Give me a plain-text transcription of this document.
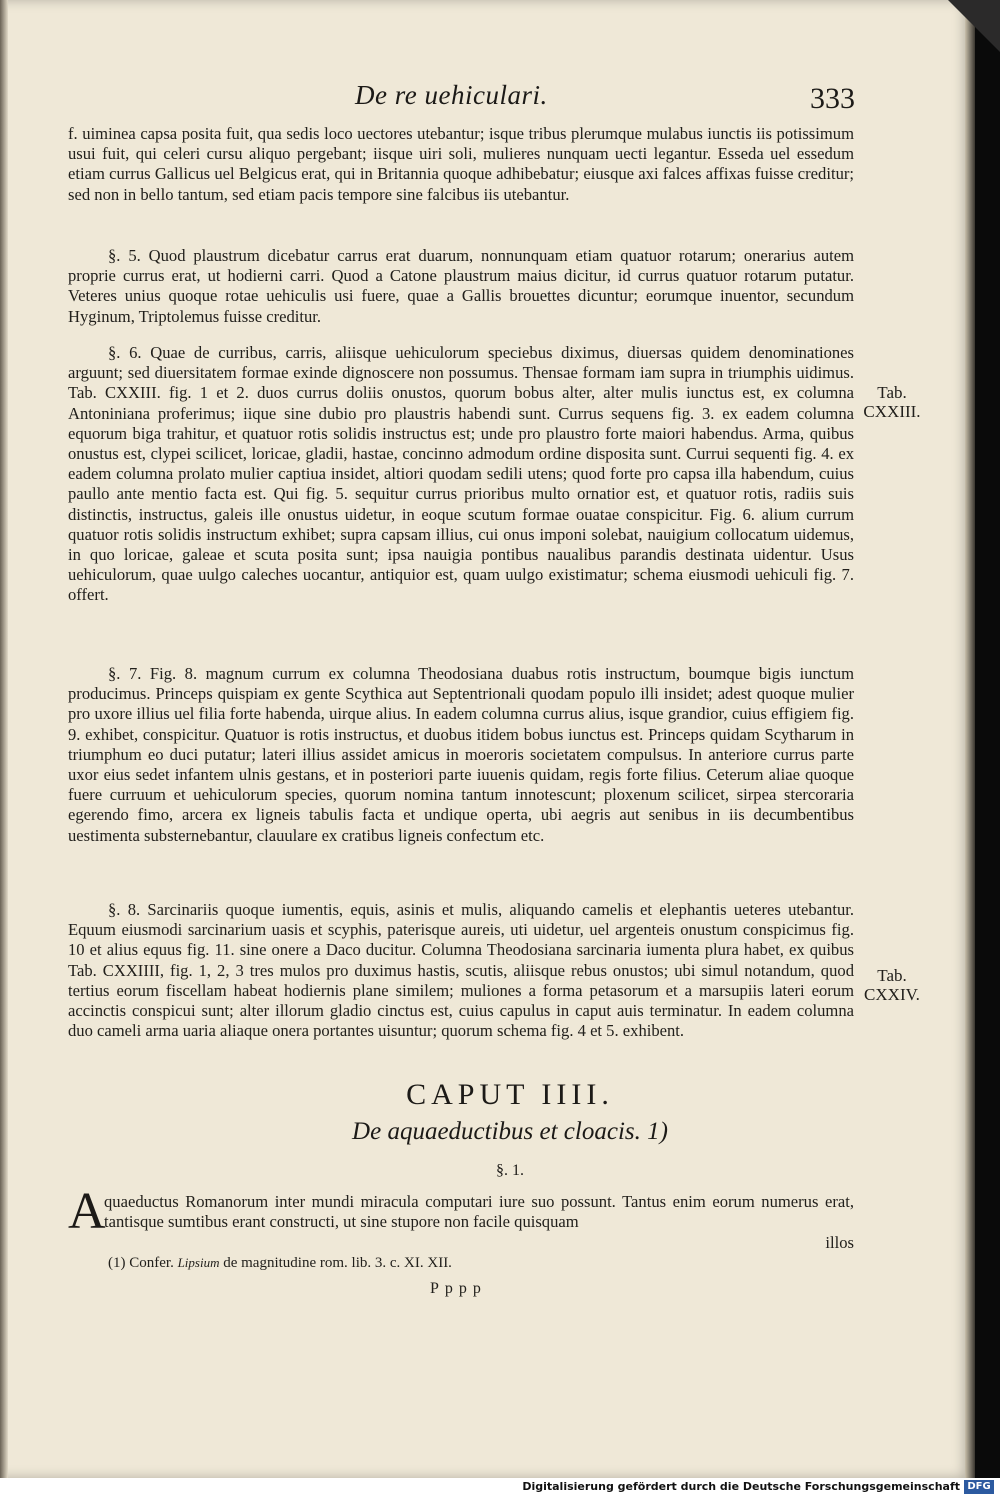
De re uehiculari.	333

f. uiminea capsa posita fuit, qua sedis loco uectores utebantur; isque tribus plerumque mulabus iunctis iis potissimum usui fuit, qui celeri cursu aliquo pergebant; iisque uiri soli, mulieres nunquam uecti legantur. Esseda uel essedum etiam currus Gallicus uel Belgicus erat, qui in Britannia quoque adhibebatur; eiusque axi falces affixas fuisse creditur; sed non in bello tantum, sed etiam pacis tempore sine falcibus iis utebantur.

§. 5. Quod plaustrum dicebatur carrus erat duarum, nonnunquam etiam quatuor rotarum; onerarius autem proprie currus erat, ut hodierni carri. Quod a Catone plaustrum maius dicitur, id currus quatuor rotarum putatur. Veteres unius quoque rotae uehiculis usi fuere, quae a Gallis brouettes dicuntur; eorumque inuentor, secundum Hyginum, Triptolemus fuisse creditur.

§. 6. Quae de curribus, carris, aliisque uehiculorum speciebus diximus, diuersas quidem denominationes arguunt; sed diuersitatem formae exinde dignoscere non possumus. Thensae formam iam supra in triumphis uidimus. Tab. CXXIII. fig. 1 et 2. duos currus doliis onustos, quorum bobus alter, alter mulis iunctus est, ex columna Antoniniana proferimus; iique sine dubio pro plaustris habendi sunt. Currus sequens fig. 3. ex eadem columna equorum biga trahitur, et quatuor rotis solidis instructus est; unde pro plaustro forte maiori habendus. Arma, quibus onustus est, clypei scilicet, loricae, gladii, hastae, concinno admodum ordine disposita sunt. Currui sequenti fig. 4. ex eadem columna prolato mulier captiua insidet, altiori quodam sedili utens; quod forte pro capsa illa habendum, cuius paullo ante mentio facta est. Qui fig. 5. sequitur currus prioribus multo ornatior est, et quatuor rotis, radiis suis distinctis, instructus, galeis ille onustus uidetur, in eoque scutum formae ouatae conspicitur. Fig. 6. alium currum quatuor rotis solidis instructum exhibet; supra capsam illius, cui onus imponi solebat, nauigium collocatum uidemus, in quo loricae, galeae et scuta posita sunt; ipsa nauigia pontibus naualibus parandis destinata uidentur. Usus uehiculorum, quae uulgo caleches uocantur, antiquior est, quam uulgo existimatur; schema eiusmodi uehiculi fig. 7. offert.

§. 7. Fig. 8. magnum currum ex columna Theodosiana duabus rotis instructum, boumque bigis iunctum producimus. Princeps quispiam ex gente Scythica aut Septentrionali quodam populo illi insidet; adest quoque mulier pro uxore illius uel filia forte habenda, uirque alius. In eadem columna currus alius, isque grandior, cuius effigiem fig. 9. exhibet, conspicitur. Quatuor is rotis instructus, et duobus itidem bobus iunctus est. Princeps quidam Scytharum in triumphum eo duci putatur; lateri illius assidet amicus in moeroris societatem compulsus. In anteriore currus parte uxor eius sedet infantem ulnis gestans, et in posteriori parte iuuenis quidam, regis forte filius. Ceterum aliae quoque fuere curruum et uehiculorum species, quorum nomina tantum innotescunt; ploxenum scilicet, sirpea stercoraria egerendo fimo, arcera ex ligneis tabulis facta et undique operta, ubi aegris aut senibus in iis decumbentibus uestimenta substernebantur, clauulare ex cratibus ligneis confectum etc.

§. 8. Sarcinariis quoque iumentis, equis, asinis et mulis, aliquando camelis et elephantis ueteres utebantur. Equum eiusmodi sarcinarium uasis et scyphis, paterisque aureis, uti uidetur, uel argenteis onustum conspicimus fig. 10 et alius equus fig. 11. sine onere a Daco ducitur. Columna Theodosiana sarcinaria iumenta plura habet, ex quibus Tab. CXXIIII, fig. 1, 2, 3 tres mulos pro duximus hastis, scutis, aliisque rebus onustos; ubi simul notandum, quod tertius eorum fiscellam habeat hodiernis plane similem; muliones a forma petasorum et a marsupiis lateri eorum accinctis conspicui sunt; alter illorum gladio cinctus est, cuius capulus in caput auis terminatur. In eadem columna duo cameli arma uaria aliaque onera portantes uisuntur; quorum schema fig. 4 et 5. exhibent.

Tab.
CXXIII.
Tab.
CXXIV.
CAPUT IIII.
De aquaeductibus et cloacis. 1)
§. 1.
A
quaeductus Romanorum inter mundi miracula computari iure suo possunt. Tantus enim eorum numerus erat, tantisque sumtibus erant constructi, ut sine stupore non facile quisquam
illos
(1) Confer. Lipsium de magnitudine rom. lib. 3. c. XI. XII.
Pppp
Digitalisierung gefördert durch die Deutsche Forschungsgemeinschaft DFG
